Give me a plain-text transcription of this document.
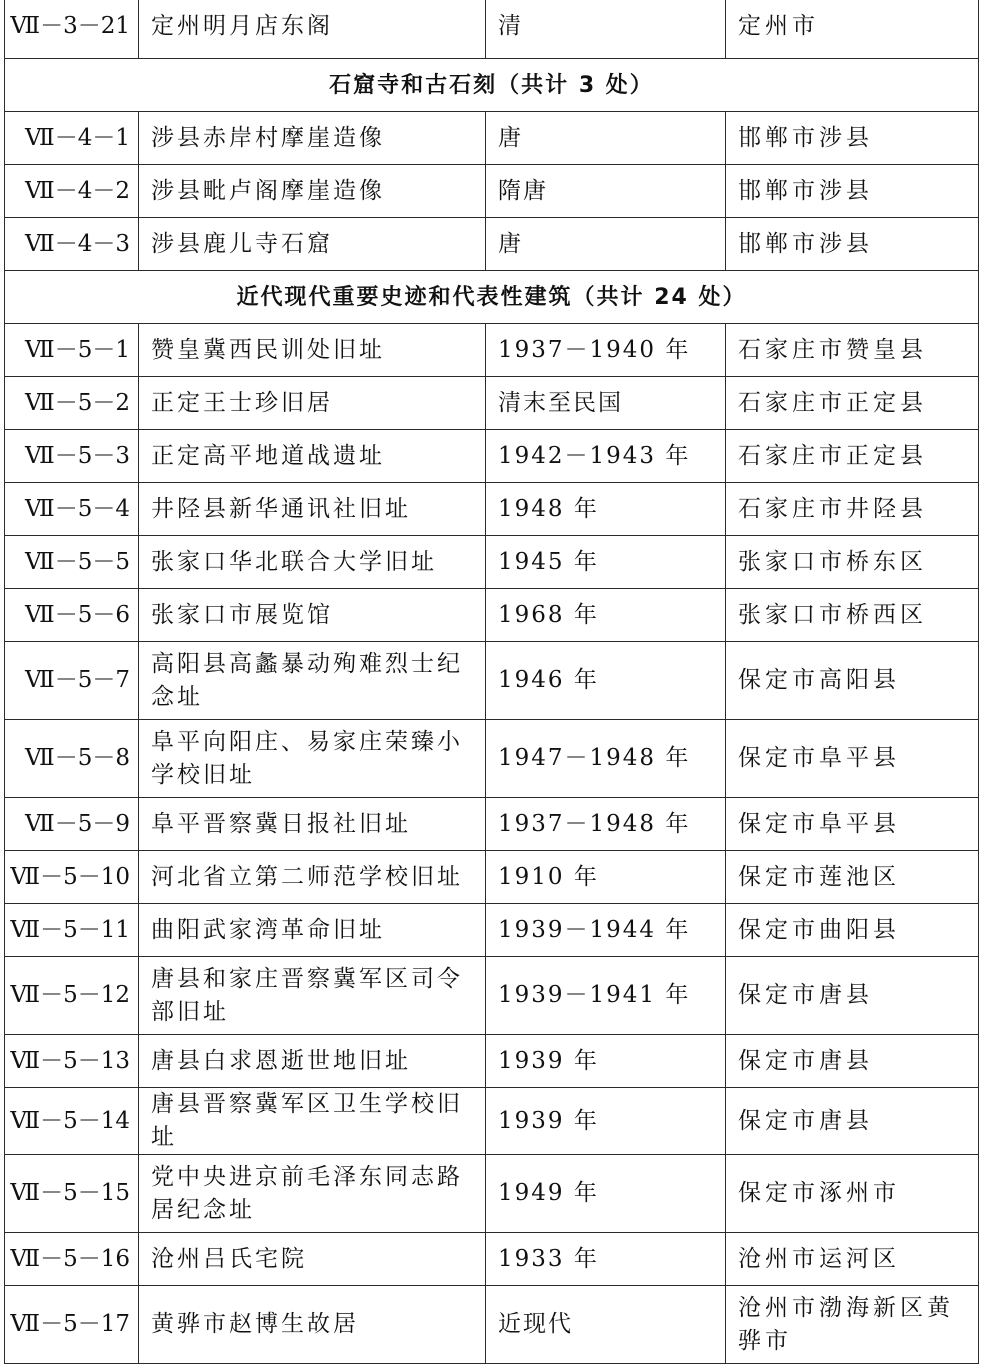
Ⅶ－3－21	定州明月店东阁	清	定州市
石窟寺和古石刻（共计 3 处）			
Ⅶ－4－1	涉县赤岸村摩崖造像	唐	邯郸市涉县
Ⅶ－4－2	涉县毗卢阁摩崖造像	隋唐	邯郸市涉县
Ⅶ－4－3	涉县鹿儿寺石窟	唐	邯郸市涉县
近代现代重要史迹和代表性建筑（共计 24 处）			
Ⅶ－5－1	赞皇冀西民训处旧址	1937－1940 年	石家庄市赞皇县
Ⅶ－5－2	正定王士珍旧居	清末至民国	石家庄市正定县
Ⅶ－5－3	正定高平地道战遗址	1942－1943 年	石家庄市正定县
Ⅶ－5－4	井陉县新华通讯社旧址	1948 年	石家庄市井陉县
Ⅶ－5－5	张家口华北联合大学旧址	1945 年	张家口市桥东区
Ⅶ－5－6	张家口市展览馆	1968 年	张家口市桥西区
Ⅶ－5－7	高阳县高蠡暴动殉难烈士纪念址	1946 年	保定市高阳县
Ⅶ－5－8	阜平向阳庄、易家庄荣臻小学校旧址	1947－1948 年	保定市阜平县
Ⅶ－5－9	阜平晋察冀日报社旧址	1937－1948 年	保定市阜平县
Ⅶ－5－10	河北省立第二师范学校旧址	1910 年	保定市莲池区
Ⅶ－5－11	曲阳武家湾革命旧址	1939－1944 年	保定市曲阳县
Ⅶ－5－12	唐县和家庄晋察冀军区司令部旧址	1939－1941 年	保定市唐县
Ⅶ－5－13	唐县白求恩逝世地旧址	1939 年	保定市唐县
Ⅶ－5－14	唐县晋察冀军区卫生学校旧址	1939 年	保定市唐县
Ⅶ－5－15	党中央进京前毛泽东同志路居纪念址	1949 年	保定市涿州市
Ⅶ－5－16	沧州吕氏宅院	1933 年	沧州市运河区
Ⅶ－5－17	黄骅市赵博生故居	近现代	沧州市渤海新区黄骅市
